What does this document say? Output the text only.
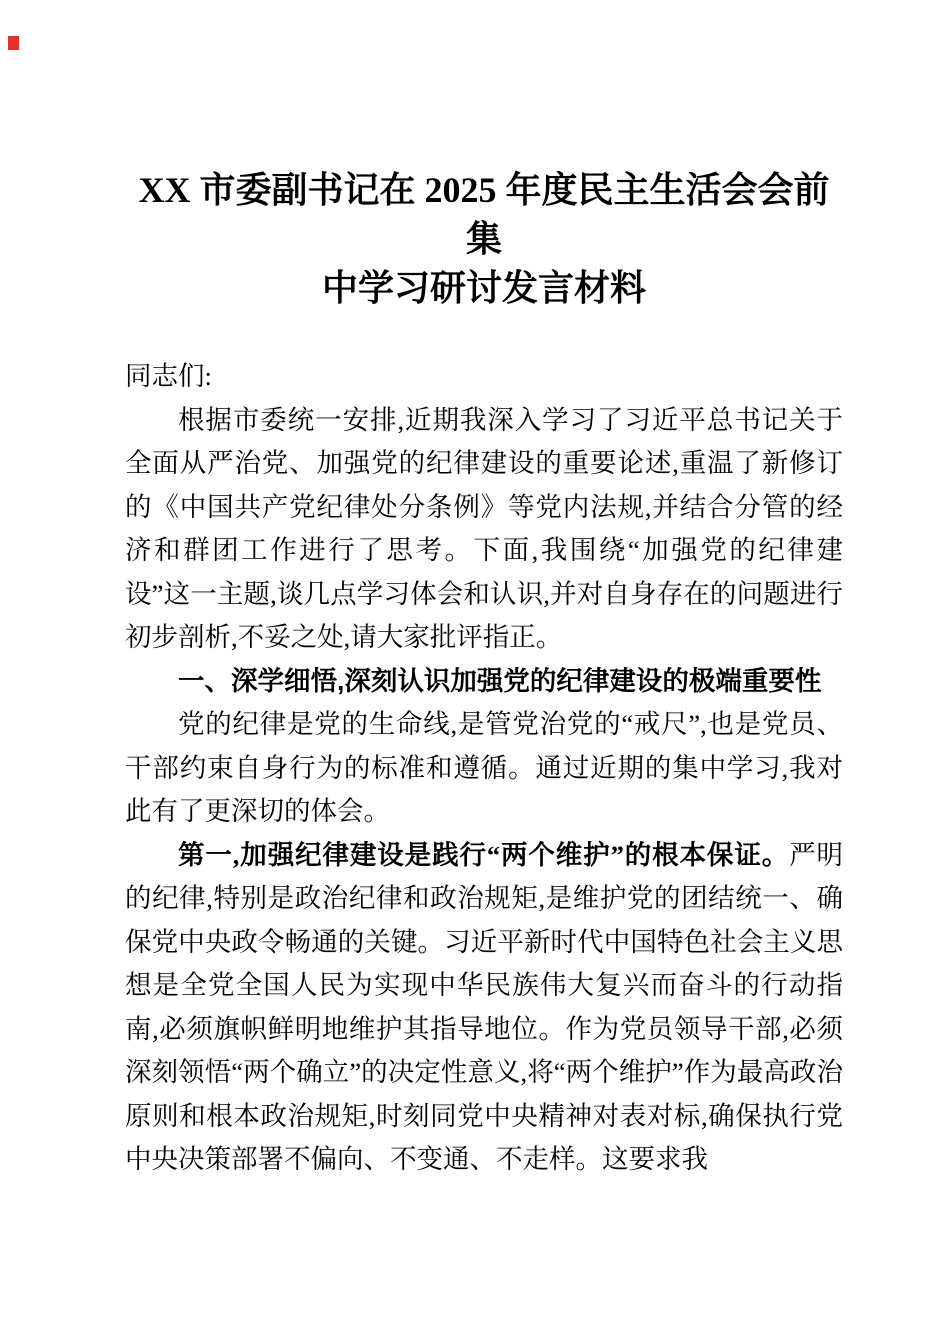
XX 市委副书记在 2025 年度民主生活会会前集
中学习研讨发言材料

同志们:

根据市委统一安排,近期我深入学习了习近平总书记关于全面从严治党、加强党的纪律建设的重要论述,重温了新修订的《中国共产党纪律处分条例》等党内法规,并结合分管的经济和群团工作进行了思考。下面,我围绕“加强党的纪律建设”这一主题,谈几点学习体会和认识,并对自身存在的问题进行初步剖析,不妥之处,请大家批评指正。

一、深学细悟,深刻认识加强党的纪律建设的极端重要性

党的纪律是党的生命线,是管党治党的“戒尺”,也是党员、干部约束自身行为的标准和遵循。通过近期的集中学习,我对此有了更深切的体会。

第一,加强纪律建设是践行“两个维护”的根本保证。严明的纪律,特别是政治纪律和政治规矩,是维护党的团结统一、确保党中央政令畅通的关键。习近平新时代中国特色社会主义思想是全党全国人民为实现中华民族伟大复兴而奋斗的行动指南,必须旗帜鲜明地维护其指导地位。作为党员领导干部,必须深刻领悟“两个确立”的决定性意义,将“两个维护”作为最高政治原则和根本政治规矩,时刻同党中央精神对表对标,确保执行党中央决策部署不偏向、不变通、不走样。这要求我
